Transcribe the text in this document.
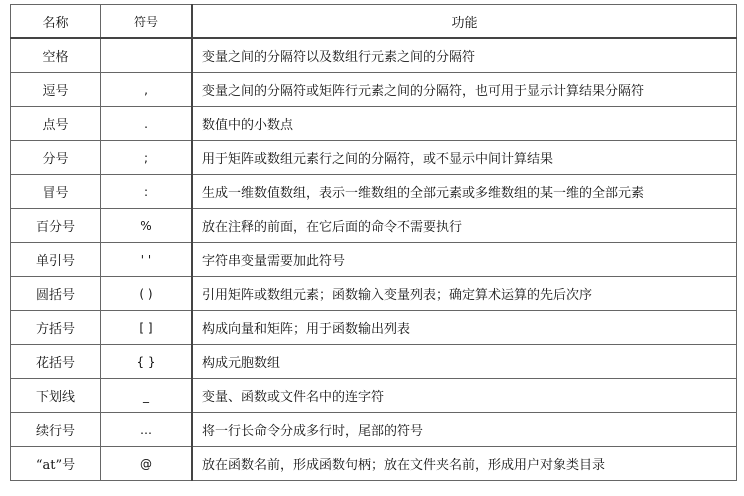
名称	符号	功能
空格		变量之间的分隔符以及数组行元素之间的分隔符
逗号	,	变量之间的分隔符或矩阵行元素之间的分隔符，也可用于显示计算结果分隔符
点号	.	数值中的小数点
分号	;	用于矩阵或数组元素行之间的分隔符，或不显示中间计算结果
冒号	:	生成一维数值数组，表示一维数组的全部元素或多维数组的某一维的全部元素
百分号	%	放在注释的前面，在它后面的命令不需要执行
单引号	' '	字符串变量需要加此符号
圆括号	( )	引用矩阵或数组元素；函数输入变量列表；确定算术运算的先后次序
方括号	[ ]	构成向量和矩阵；用于函数输出列表
花括号	{ }	构成元胞数组
下划线	_	变量、函数或文件名中的连字符
续行号	…	将一行长命令分成多行时，尾部的符号
“at”号	@	放在函数名前，形成函数句柄；放在文件夹名前，形成用户对象类目录
